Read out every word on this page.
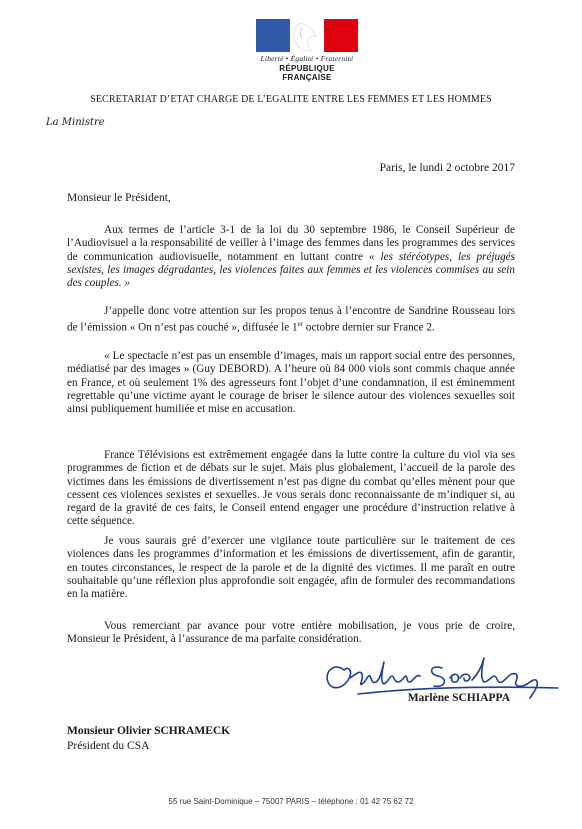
Liberté • Égalité • Fraternité
RÉPUBLIQUE FRANÇAISE
SECRETARIAT D’ETAT CHARGE DE L’EGALITE ENTRE LES FEMMES ET LES HOMMES
La Ministre
Paris, le lundi 2 octobre 2017
Monsieur le Président,

Aux termes de l’article 3-1 de la loi du 30 septembre 1986, le Conseil Supérieur de l’Audiovisuel a la responsabilité de veiller à l’image des femmes dans les programmes des services de communication audiovisuelle, notamment en luttant contre « les stéréotypes, les préjugés sexistes, les images dégradantes, les violences faites aux femmes et les violences commises au sein des couples. »

J’appelle donc votre attention sur les propos tenus à l’encontre de Sandrine Rousseau lors de l’émission « On n’est pas couché », diffusée le 1er octobre dernier sur France 2.

« Le spectacle n’est pas un ensemble d’images, mais un rapport social entre des personnes, médiatisé par des images » (Guy DEBORD). A l’heure où 84 000 viols sont commis chaque année en France, et où seulement 1% des agresseurs font l’objet d’une condamnation, il est éminemment regrettable qu’une victime ayant le courage de briser le silence autour des violences sexuelles soit ainsi publiquement humiliée et mise en accusation.

France Télévisions est extrêmement engagée dans la lutte contre la culture du viol via ses programmes de fiction et de débats sur le sujet. Mais plus globalement, l’accueil de la parole des victimes dans les émissions de divertissement n’est pas digne du combat qu’elles mènent pour que cessent ces violences sexistes et sexuelles. Je vous serais donc reconnaissante de m’indiquer si, au regard de la gravité de ces faits, le Conseil entend engager une procédure d’instruction relative à cette séquence.

Je vous saurais gré d’exercer une vigilance toute particulière sur le traitement de ces violences dans les programmes d’information et les émissions de divertissement, afin de garantir, en toutes circonstances, le respect de la parole et de la dignité des victimes. Il me paraît en outre souhaitable qu’une réflexion plus approfondie soit engagée, afin de formuler des recommandations en la matière.

Vous remerciant par avance pour votre entière mobilisation, je vous prie de croire, Monsieur le Président, à l’assurance de ma parfaite considération.

Marlène SCHIAPPA
Monsieur Olivier SCHRAMECK
Président du CSA
55 rue Saint-Dominique – 75007 PARIS – téléphone : 01 42 75 62 72
